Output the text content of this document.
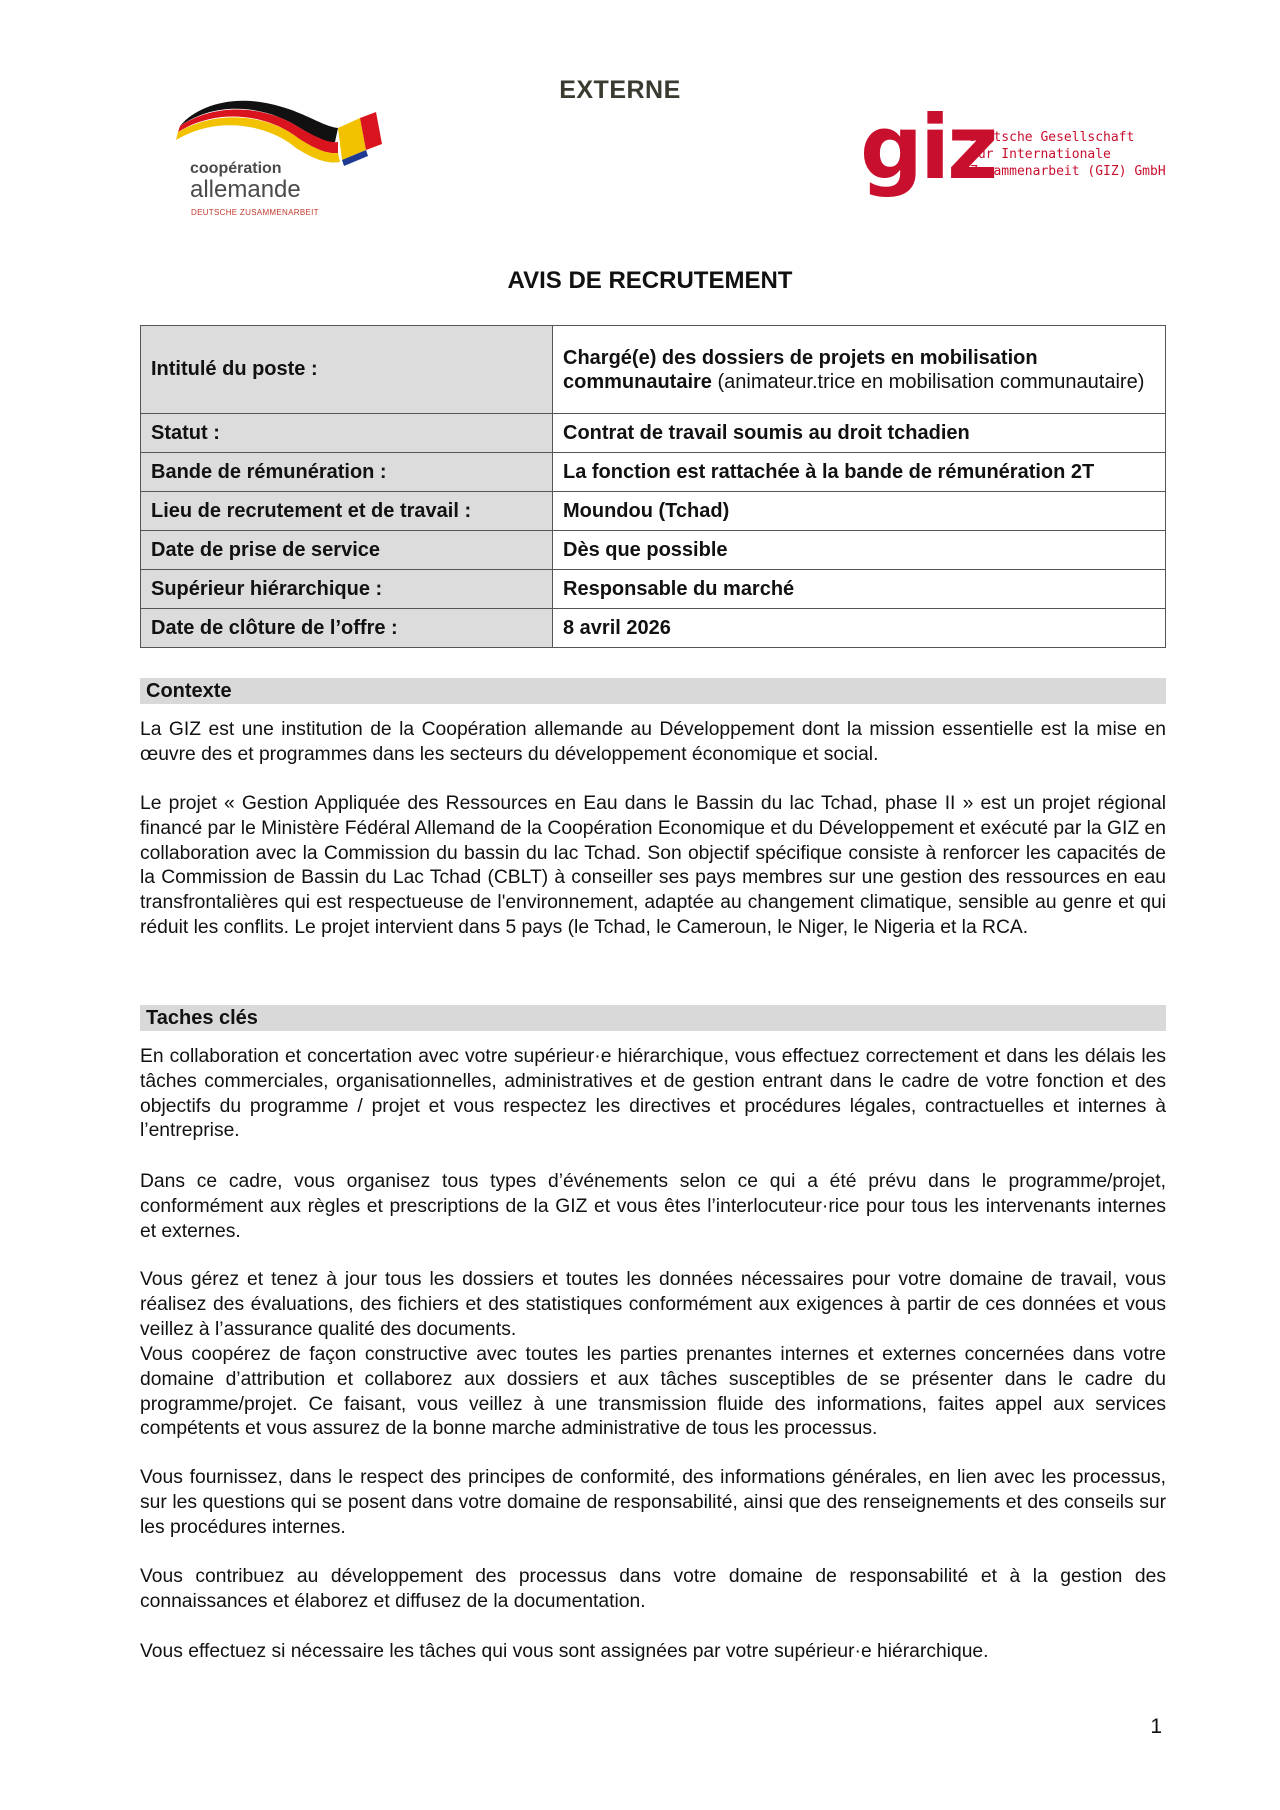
EXTERNE
coopération
allemande
DEUTSCHE ZUSAMMENARBEIT
giz
Deutsche Gesellschaft
für Internationale
Zusammenarbeit (GIZ) GmbH
AVIS DE RECRUTEMENT
Intitulé du poste :	Chargé(e) des dossiers de projets en mobilisation communautaire (animateur.trice en mobilisation communautaire)
Statut :	Contrat de travail soumis au droit tchadien
Bande de rémunération :	La fonction est rattachée à la bande de rémunération 2T
Lieu de recrutement et de travail :	Moundou (Tchad)
Date de prise de service	Dès que possible
Supérieur hiérarchique :	Responsable du marché
Date de clôture de l’offre :	8 avril 2026
Contexte

La GIZ est une institution de la Coopération allemande au Développement dont la mission essentielle est la mise en œuvre des et programmes dans les secteurs du développement économique et social.

Le projet « Gestion Appliquée des Ressources en Eau dans le Bassin du lac Tchad, phase II » est un projet régional financé par le Ministère Fédéral Allemand de la Coopération Economique et du Développement et exécuté par la GIZ en collaboration avec la Commission du bassin du lac Tchad. Son objectif spécifique consiste à renforcer les capacités de la Commission de Bassin du Lac Tchad (CBLT) à conseiller ses pays membres sur une gestion des ressources en eau transfrontalières qui est respectueuse de l'environnement, adaptée au changement climatique, sensible au genre et qui réduit les conflits. Le projet intervient dans 5 pays (le Tchad, le Cameroun, le Niger, le Nigeria et la RCA.

Taches clés

En collaboration et concertation avec votre supérieur·e hiérarchique, vous effectuez correctement et dans les délais les tâches commerciales, organisationnelles, administratives et de gestion entrant dans le cadre de votre fonction et des objectifs du programme / projet et vous respectez les directives et procédures légales, contractuelles et internes à l’entreprise.

Dans ce cadre, vous organisez tous types d’événements selon ce qui a été prévu dans le programme/projet, conformément aux règles et prescriptions de la GIZ et vous êtes l’interlocuteur·rice pour tous les intervenants internes et externes.

Vous gérez et tenez à jour tous les dossiers et toutes les données nécessaires pour votre domaine de travail, vous réalisez des évaluations, des fichiers et des statistiques conformément aux exigences à partir de ces données et vous veillez à l’assurance qualité des documents.

Vous coopérez de façon constructive avec toutes les parties prenantes internes et externes concernées dans votre domaine d’attribution et collaborez aux dossiers et aux tâches susceptibles de se présenter dans le cadre du programme/projet. Ce faisant, vous veillez à une transmission fluide des informations, faites appel aux services compétents et vous assurez de la bonne marche administrative de tous les processus.

Vous fournissez, dans le respect des principes de conformité, des informations générales, en lien avec les processus, sur les questions qui se posent dans votre domaine de responsabilité, ainsi que des renseignements et des conseils sur les procédures internes.

Vous contribuez au développement des processus dans votre domaine de responsabilité et à la gestion des connaissances et élaborez et diffusez de la documentation.

Vous effectuez si nécessaire les tâches qui vous sont assignées par votre supérieur·e hiérarchique.

1
